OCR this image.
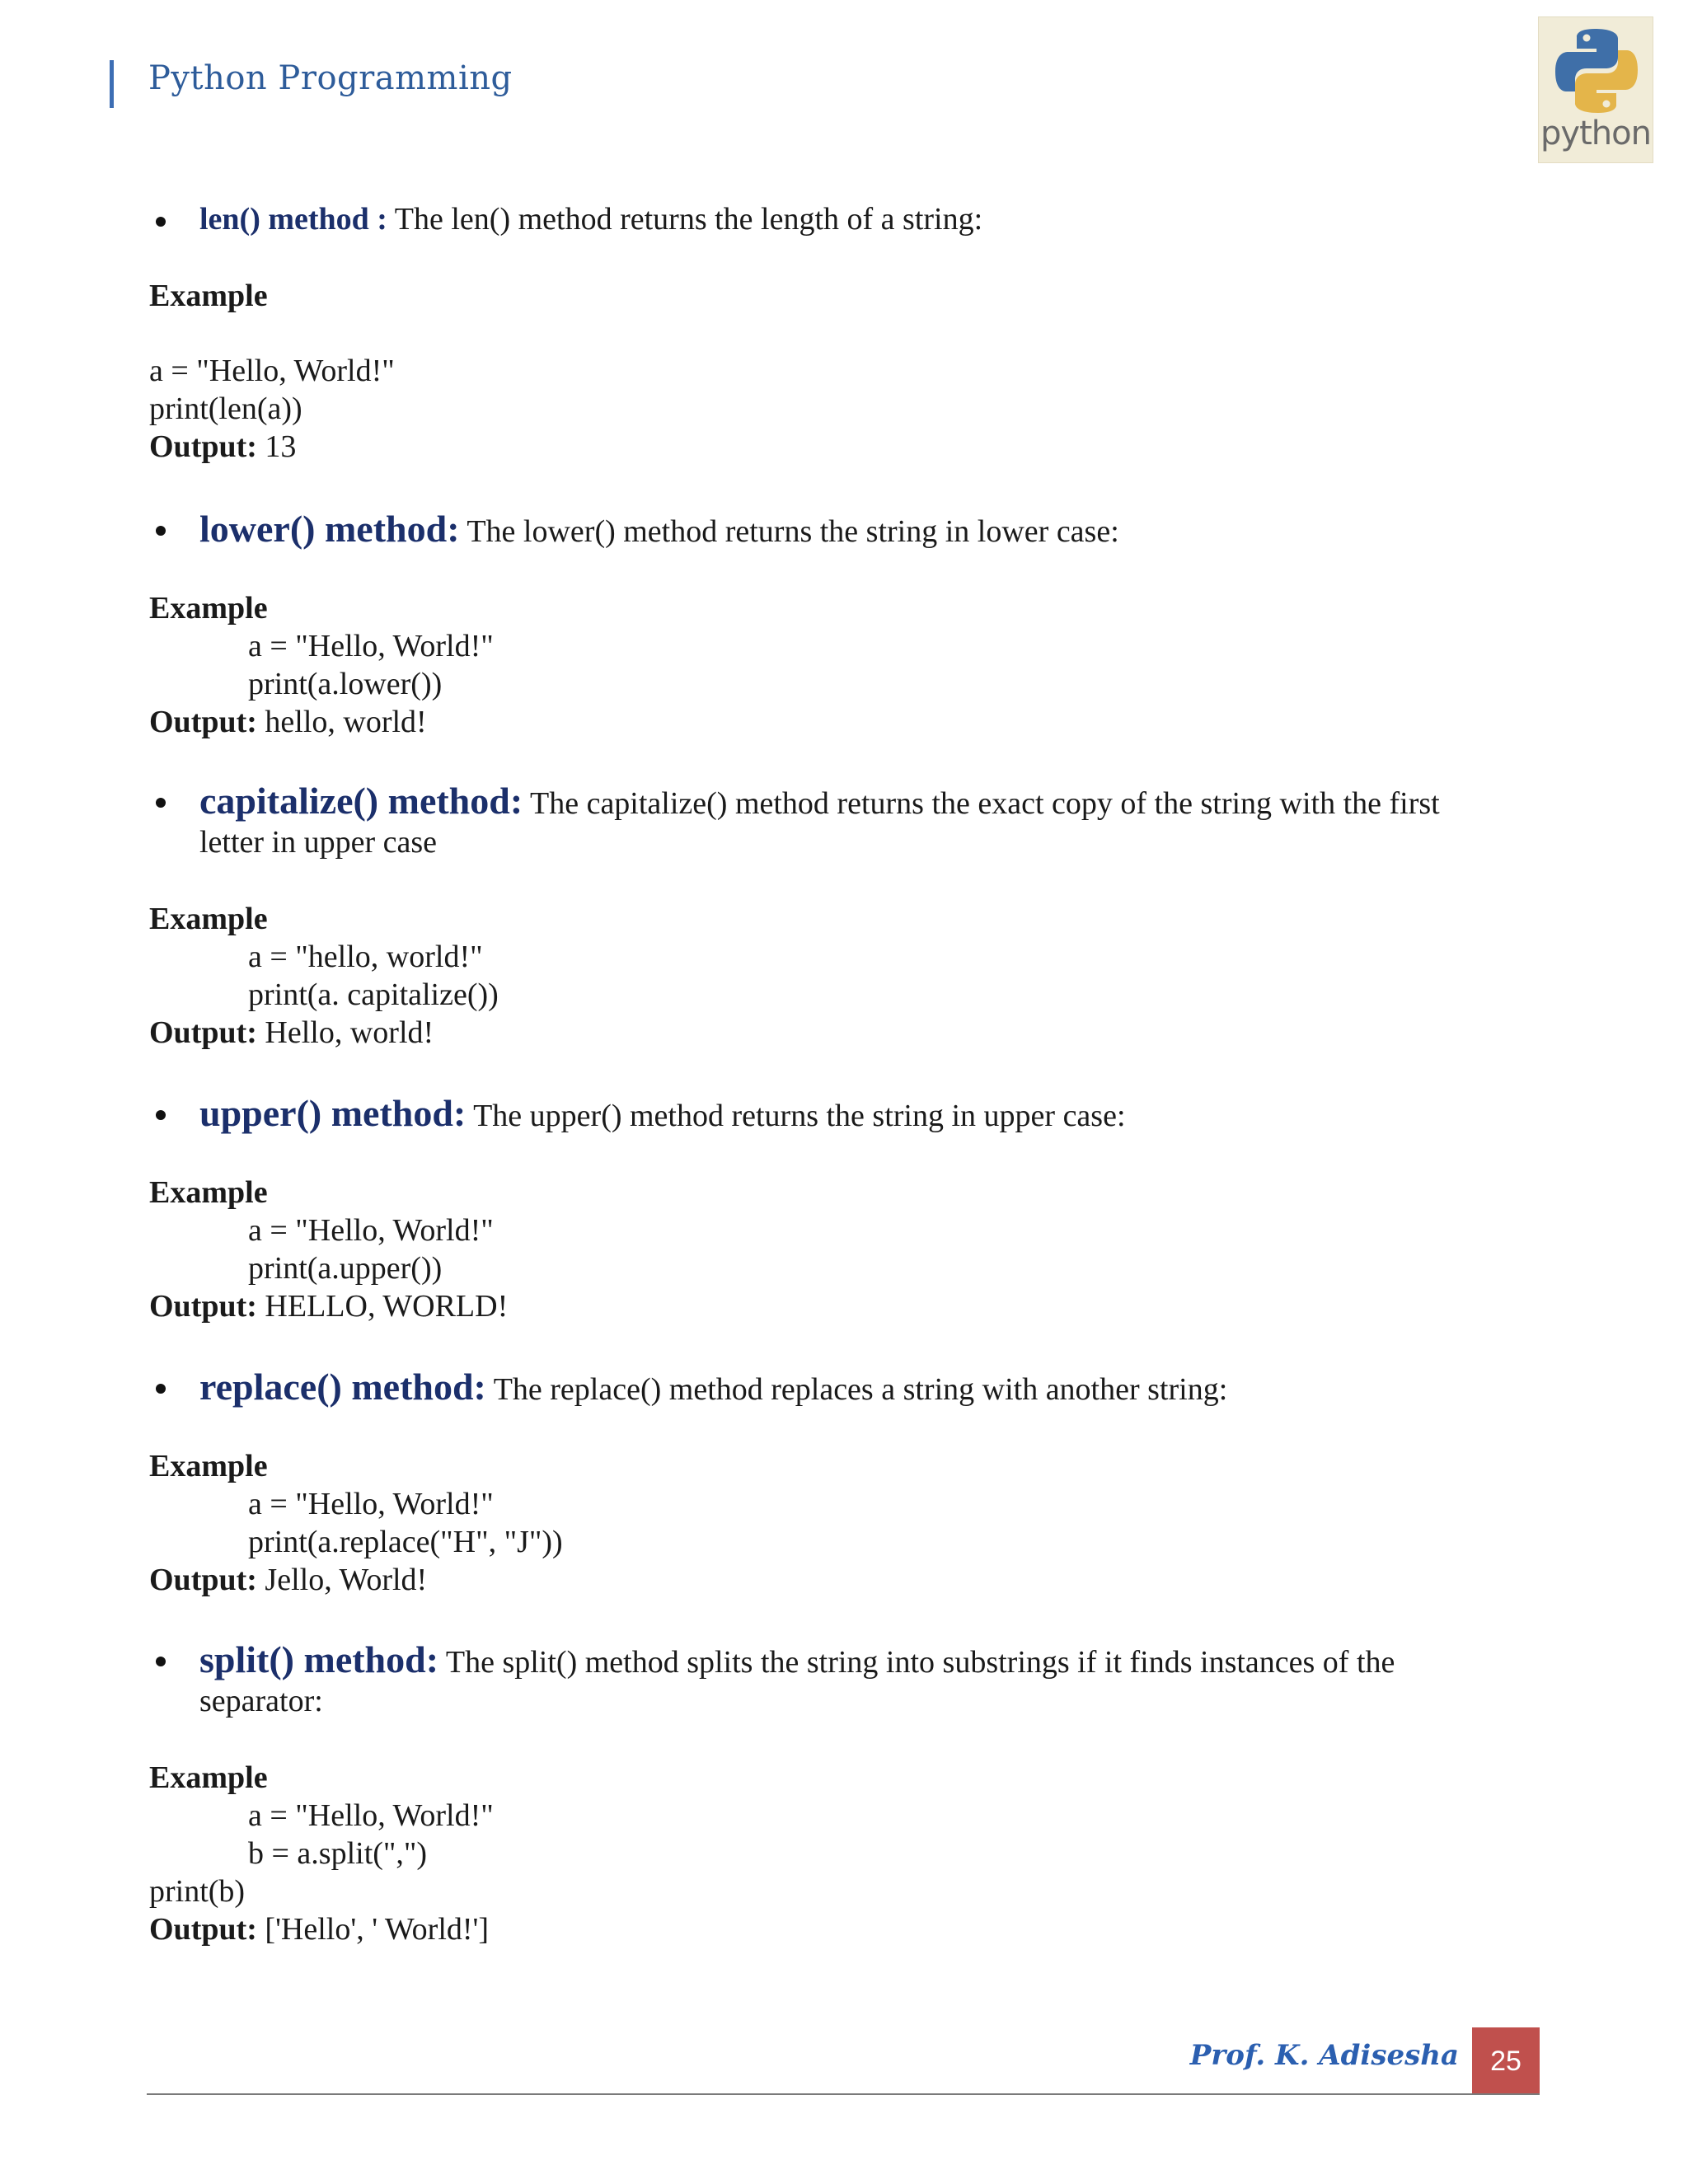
Python Programming
python
len() method : The len() method returns the length of a string:
Example
a = "Hello, World!"
print(len(a))
Output: 13
lower() method: The lower() method returns the string in lower case:
Example
a = "Hello, World!"
print(a.lower())
Output: hello, world!
capitalize() method: The capitalize() method returns the exact copy of the string with the first
letter in upper case
Example
a = "hello, world!"
print(a. capitalize())
Output: Hello, world!
upper() method: The upper() method returns the string in upper case:
Example
a = "Hello, World!"
print(a.upper())
Output: HELLO, WORLD!
replace() method: The replace() method replaces a string with another string:
Example
a = "Hello, World!"
print(a.replace("H", "J"))
Output: Jello, World!
split() method: The split() method splits the string into substrings if it finds instances of the
separator:
Example
a = "Hello, World!"
b = a.split(",")
print(b)
Output: ['Hello', ' World!']
Prof. K. Adisesha 25
